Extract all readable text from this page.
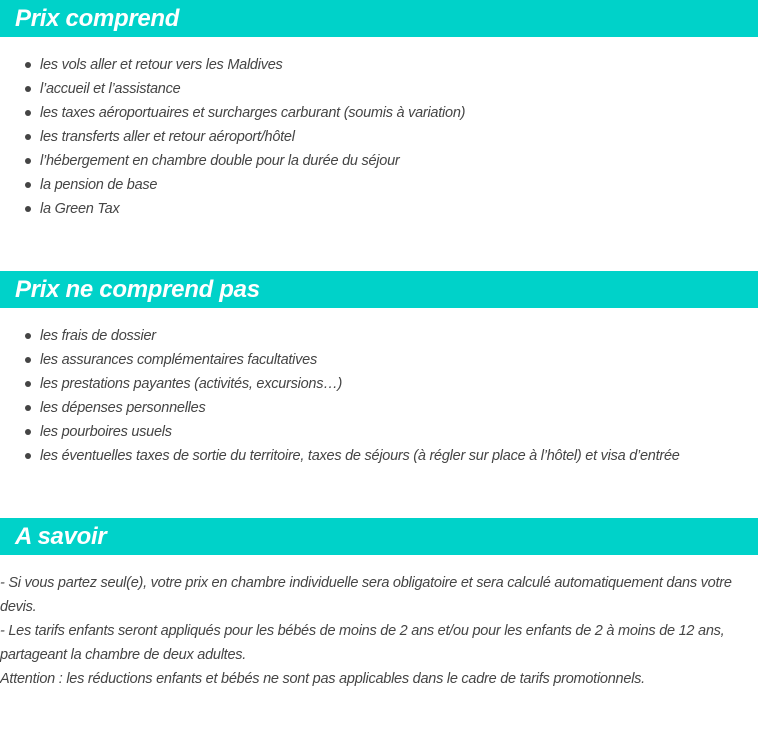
Prix comprend
les vols aller et retour vers les Maldives
l’accueil et l’assistance
les taxes aéroportuaires et surcharges carburant (soumis à variation)
les transferts aller et retour aéroport/hôtel
l’hébergement en chambre double pour la durée du séjour
la pension de base
la Green Tax
Prix ne comprend pas
les frais de dossier
les assurances complémentaires facultatives
les prestations payantes (activités, excursions…)
les dépenses personnelles
les pourboires usuels
les éventuelles taxes de sortie du territoire, taxes de séjours (à régler sur place à l’hôtel) et visa d’entrée
A savoir

- Si vous partez seul(e), votre prix en chambre individuelle sera obligatoire et sera calculé automatiquement dans votre devis.

- Les tarifs enfants seront appliqués pour les bébés de moins de 2 ans et/ou pour les enfants de 2 à moins de 12 ans, partageant la chambre de deux adultes.

Attention : les réductions enfants et bébés ne sont pas applicables dans le cadre de tarifs promotionnels.
